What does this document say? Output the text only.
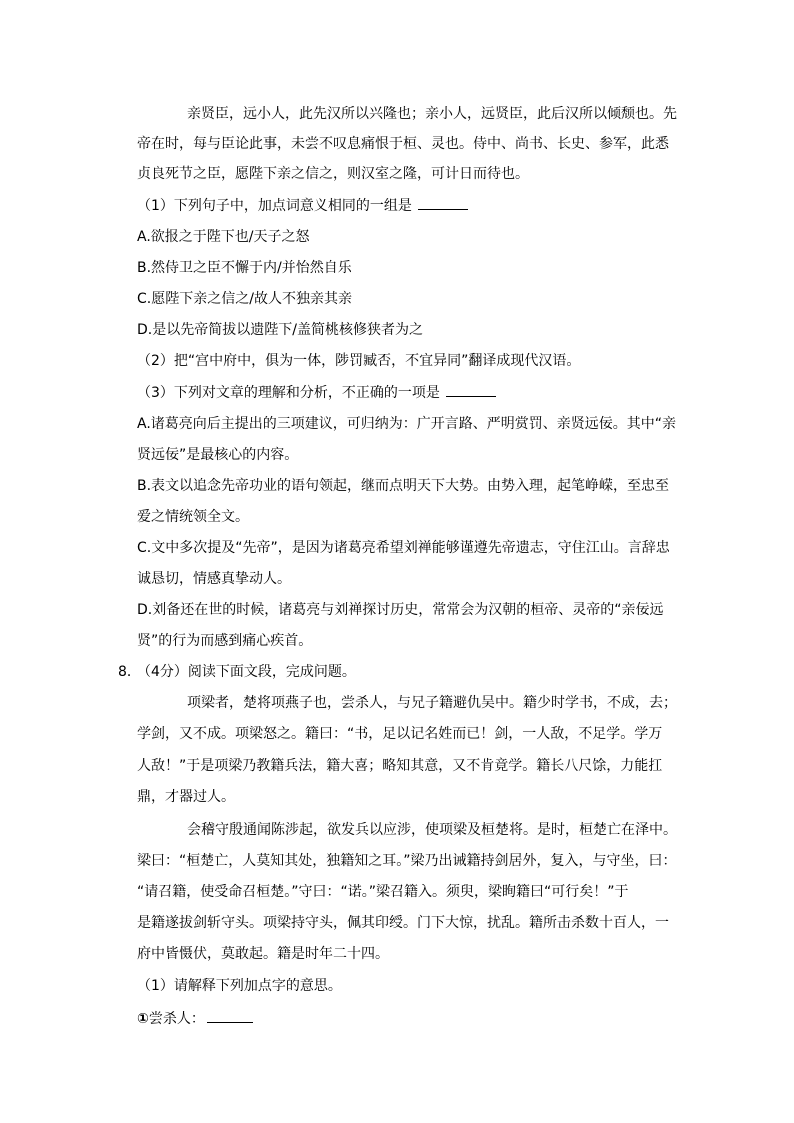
亲贤臣，远小人，此先汉所以兴隆也；亲小人，远贤臣，此后汉所以倾颓也。先
帝在时，每与臣论此事，未尝不叹息痛恨于桓、灵也。侍中、尚书、长史、参军，此悉
贞良死节之臣，愿陛下亲之信之，则汉室之隆，可计日而待也。
（1）下列句子中，加点词意义相同的一组是
A.欲报之于陛下也/天子之怒
B.然侍卫之臣不懈于内/并怡然自乐
C.愿陛下亲之信之/故人不独亲其亲
D.是以先帝简拔以遗陛下/盖简桃核修狭者为之
（2）把“宫中府中，俱为一体，陟罚臧否，不宜异同”翻译成现代汉语。
（3）下列对文章的理解和分析，不正确的一项是
A.诸葛亮向后主提出的三项建议，可归纳为：广开言路、严明赏罚、亲贤远佞。其中“亲
贤远佞”是最核心的内容。
B.表文以追念先帝功业的语句领起，继而点明天下大势。由势入理，起笔峥嵘，至忠至
爱之情统领全文。
C.文中多次提及“先帝”，是因为诸葛亮希望刘禅能够谨遵先帝遗志，守住江山。言辞忠
诚恳切，情感真挚动人。
D.刘备还在世的时候，诸葛亮与刘禅探讨历史，常常会为汉朝的桓帝、灵帝的“亲佞远
贤”的行为而感到痛心疾首。
8．
（4分）阅读下面文段，完成问题。
项梁者，楚将项燕子也，尝杀人，与兄子籍避仇吴中。籍少时学书，不成，去；
学剑，又不成。项梁怒之。籍曰：“书，足以记名姓而已！剑，一人敌，不足学。学万
人敌！”于是项梁乃教籍兵法，籍大喜；略知其意，又不肯竟学。籍长八尺馀，力能扛
鼎，才器过人。
会稽守殷通闻陈涉起，欲发兵以应涉，使项梁及桓楚将。是时，桓楚亡在泽中。
梁曰：“桓楚亡，人莫知其处，独籍知之耳。”梁乃出诫籍持剑居外，复入，与守坐，曰：
“请召籍，使受命召桓楚。”守曰：“诺。”梁召籍入。须臾，梁眴籍曰“可行矣！”于
是籍遂拔剑斩守头。项梁持守头，佩其印绶。门下大惊，扰乱。籍所击杀数十百人，一
府中皆慑伏，莫敢起。籍是时年二十四。
（1）请解释下列加点字的意思。
①尝杀人：
